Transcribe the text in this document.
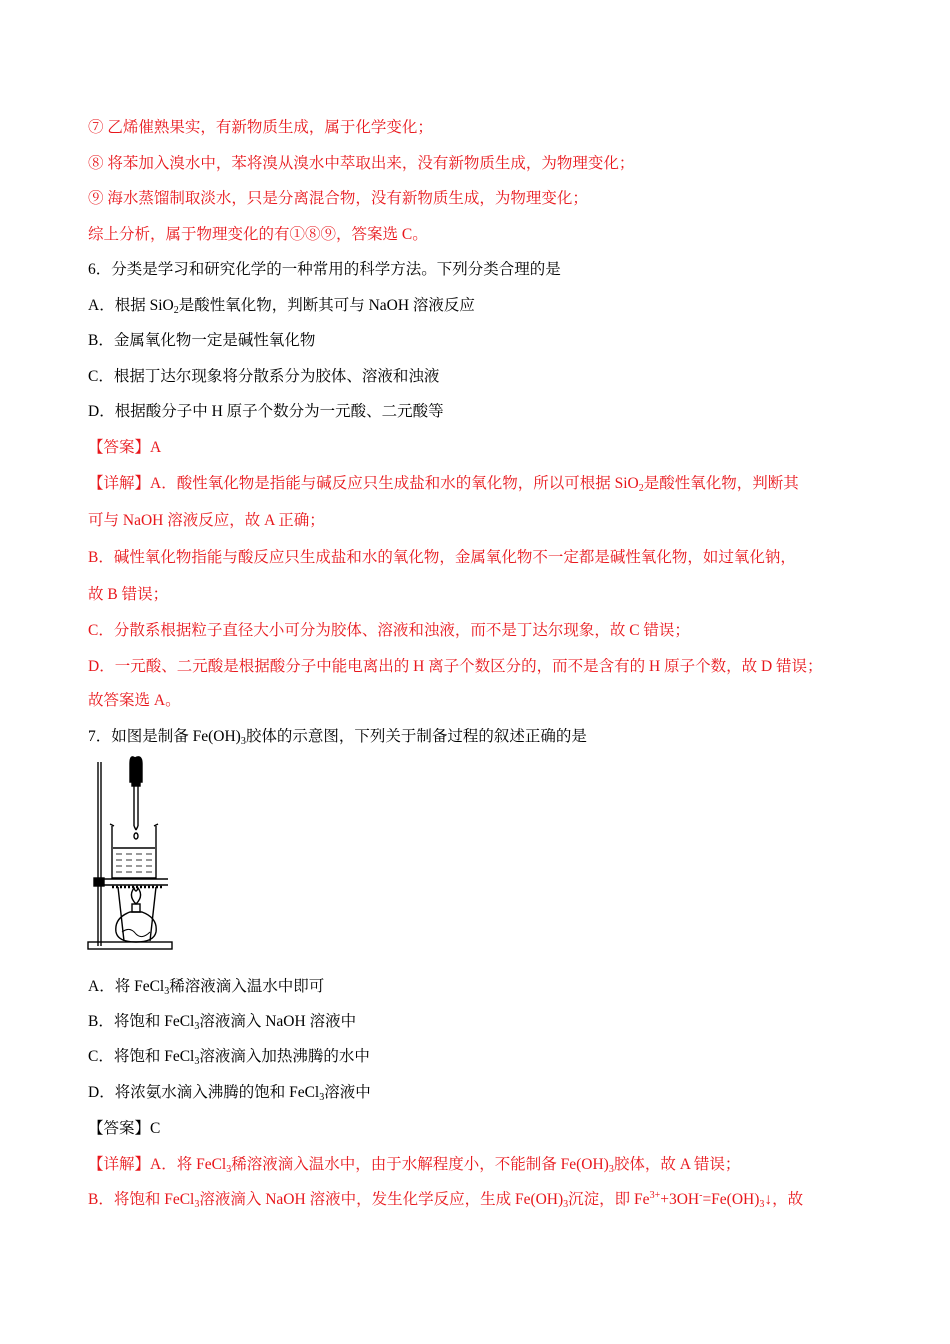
⑦ 乙烯催熟果实，有新物质生成，属于化学变化；
⑧ 将苯加入溴水中，苯将溴从溴水中萃取出来，没有新物质生成，为物理变化；
⑨ 海水蒸馏制取淡水，只是分离混合物，没有新物质生成，为物理变化；
综上分析，属于物理变化的有①⑧⑨，答案选 C。
6．分类是学习和研究化学的一种常用的科学方法。下列分类合理的是
A．根据 SiO$_2$是酸性氧化物，判断其可与 NaOH 溶液反应
B．金属氧化物一定是碱性氧化物
C．根据丁达尔现象将分散系分为胶体、溶液和浊液
D．根据酸分子中 H 原子个数分为一元酸、二元酸等
【答案】A
【详解】A．酸性氧化物是指能与碱反应只生成盐和水的氧化物，所以可根据 SiO$_2$是酸性氧化物，判断其
可与 NaOH 溶液反应，故 A 正确；
B．碱性氧化物指能与酸反应只生成盐和水的氧化物，金属氧化物不一定都是碱性氧化物，如过氧化钠，
故 B 错误；
C．分散系根据粒子直径大小可分为胶体、溶液和浊液，而不是丁达尔现象，故 C 错误；
D．一元酸、二元酸是根据酸分子中能电离出的 H 离子个数区分的，而不是含有的 H 原子个数，故 D 错误；
故答案选 A。
7．如图是制备 $Fe(OH)_3$胶体的示意图，下列关于制备过程的叙述正确的是
A．将 FeCl$_3$稀溶液滴入温水中即可
B．将饱和 FeCl$_3$溶液滴入 NaOH 溶液中
C．将饱和 FeCl$_3$溶液滴入加热沸腾的水中
D．将浓氨水滴入沸腾的饱和 FeCl$_3$溶液中
【答案】C
【详解】A．将 FeCl$_3$稀溶液滴入温水中，由于水解程度小，不能制备 $Fe(OH)_3$胶体，故 A 错误；
B．将饱和 FeCl$_3$溶液滴入 NaOH 溶液中，发生化学反应，生成 $Fe(OH)_3$沉淀，即 $Fe^{3+}+3OH^-=Fe(OH)_3↓$，故
